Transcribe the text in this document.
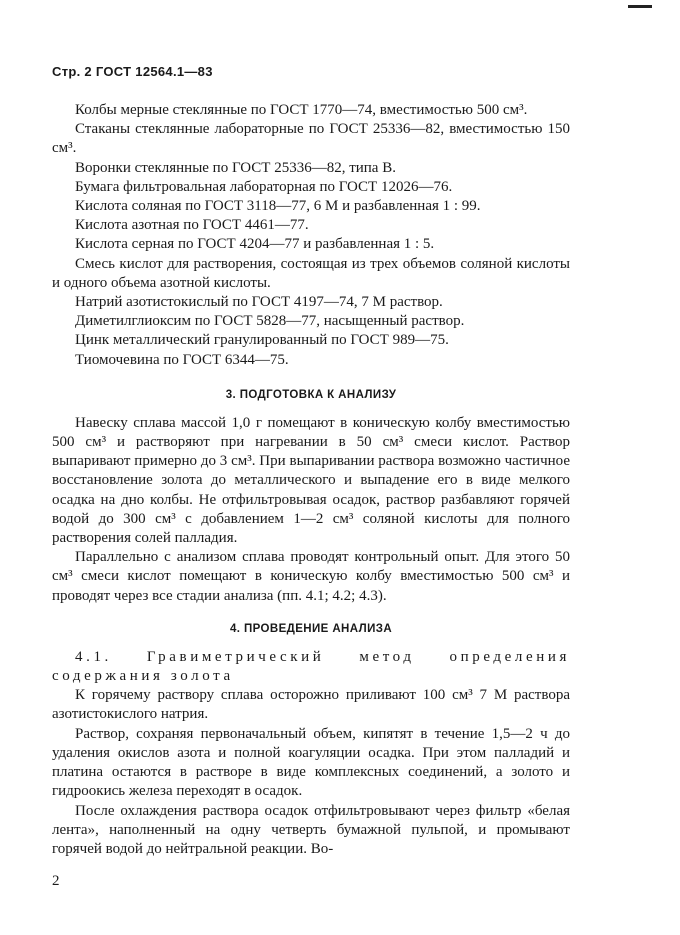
Стр. 2 ГОСТ 12564.1—83

Колбы мерные стеклянные по ГОСТ 1770—74, вместимостью 500 см³.

Стаканы стеклянные лабораторные по ГОСТ 25336—82, вместимостью 150 см³.

Воронки стеклянные по ГОСТ 25336—82, типа В.

Бумага фильтровальная лабораторная по ГОСТ 12026—76.

Кислота соляная по ГОСТ 3118—77, 6 М и разбавленная 1 : 99.

Кислота азотная по ГОСТ 4461—77.

Кислота серная по ГОСТ 4204—77 и разбавленная 1 : 5.

Смесь кислот для растворения, состоящая из трех объемов соляной кислоты и одного объема азотной кислоты.

Натрий азотистокислый по ГОСТ 4197—74, 7 М раствор.

Диметилглиоксим по ГОСТ 5828—77, насыщенный раствор.

Цинк металлический гранулированный по ГОСТ 989—75.

Тиомочевина по ГОСТ 6344—75.

3. ПОДГОТОВКА К АНАЛИЗУ

Навеску сплава массой 1,0 г помещают в коническую колбу вместимостью 500 см³ и растворяют при нагревании в 50 см³ смеси кислот. Раствор выпаривают примерно до 3 см³. При выпаривании раствора возможно частичное восстановление золота до металлического и выпадение его в виде мелкого осадка на дно колбы. Не отфильтровывая осадок, раствор разбавляют горячей водой до 300 см³ с добавлением 1—2 см³ соляной кислоты для полного растворения солей палладия.

Параллельно с анализом сплава проводят контрольный опыт. Для этого 50 см³ смеси кислот помещают в коническую колбу вместимостью 500 см³ и проводят через все стадии анализа (пп. 4.1; 4.2; 4.3).

4. ПРОВЕДЕНИЕ АНАЛИЗА

4.1. Гравиметрический метод определения содержания золота

К горячему раствору сплава осторожно приливают 100 см³ 7 М раствора азотистокислого натрия.

Раствор, сохраняя первоначальный объем, кипятят в течение 1,5—2 ч до удаления окислов азота и полной коагуляции осадка. При этом палладий и платина остаются в растворе в виде комплексных соединений, а золото и гидроокись железа переходят в осадок.

После охлаждения раствора осадок отфильтровывают через фильтр «белая лента», наполненный на одну четверть бумажной пульпой, и промывают горячей водой до нейтральной реакции. Во-

2
